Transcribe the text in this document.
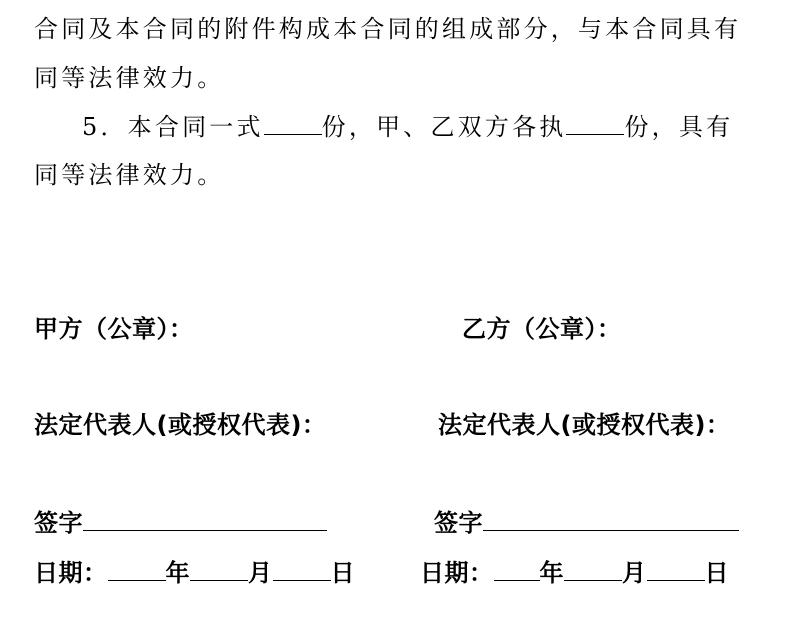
合同及本合同的附件构成本合同的组成部分，与本合同具有
同等法律效力。
5．本合同一式 份，甲、乙双方各执 份，具有
同等法律效力。
甲方（公章）：	乙方（公章）：
法定代表人(或授权代表)：	法定代表人(或授权代表)：
签字	签字
日期： 年 月 日	日期： 年 月 日
